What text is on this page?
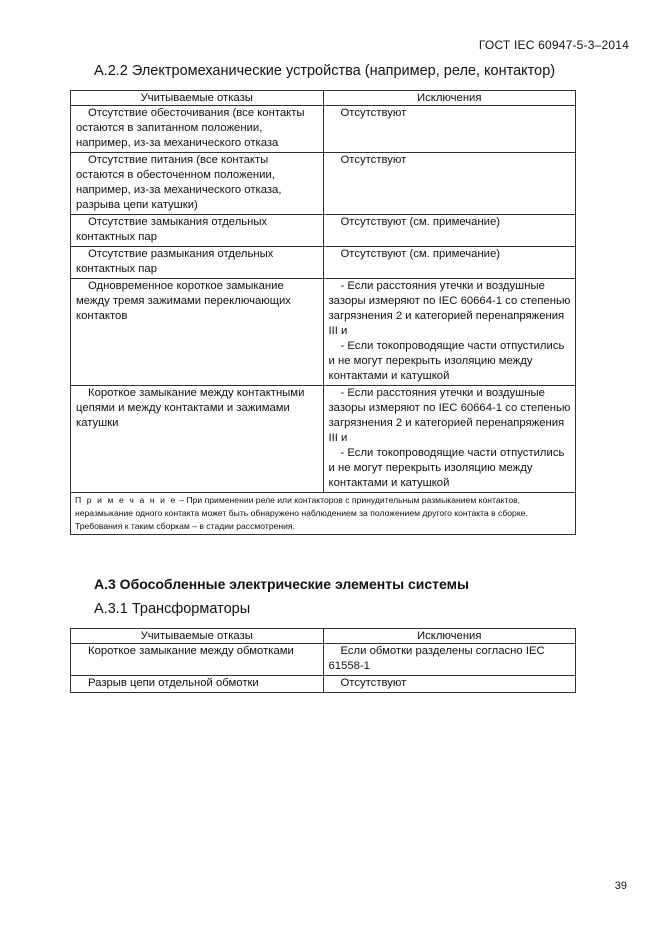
ГОСТ IEC 60947-5-3–2014
А.2.2 Электромеханические устройства (например, реле, контактор)
Учитываемые отказы	Исключения

Отсутствие обесточивания (все контакты остаются в запитанном положении, например, из-за механического отказа	Отсутствуют

Отсутствие питания (все контакты остаются в обесточенном положении, например, из-за механического отказа, разрыва цепи катушки)	Отсутствуют

Отсутствие замыкания отдельных контактных пар	Отсутствуют (см. примечание)

Отсутствие размыкания отдельных контактных пар	Отсутствуют (см. примечание)

Одновременное короткое замыкание между тремя зажимами переключающих контактов	- Если расстояния утечки и воздушные зазоры измеряют по IEC 60664-1 со степенью загрязнения 2 и категорией перенапряжения III и

- Если токопроводящие части отпустились и не могут перекрыть изоляцию между контактами и катушкой

Короткое замыкание между контактными цепями и между контактами и зажимами катушки	- Если расстояния утечки и воздушные зазоры измеряют по IEC 60664-1 со степенью загрязнения 2 и категорией перенапряжения III и

- Если токопроводящие части отпустились и не могут перекрыть изоляцию между контактами и катушкой

П р и м е ч а н и е – При применении реле или контакторов с принудительным размыканием контактов, неразмыкание одного контакта может быть обнаружено наблюдением за положением другого контакта в сборке. Требования к таким сборкам – в стадии рассмотрения.	
А.3 Обособленные электрические элементы системы
А.3.1 Трансформаторы
Учитываемые отказы	Исключения

Короткое замыкание между обмотками	Если обмотки разделены согласно IEC 61558-1

Разрыв цепи отдельной обмотки	Отсутствуют

39
